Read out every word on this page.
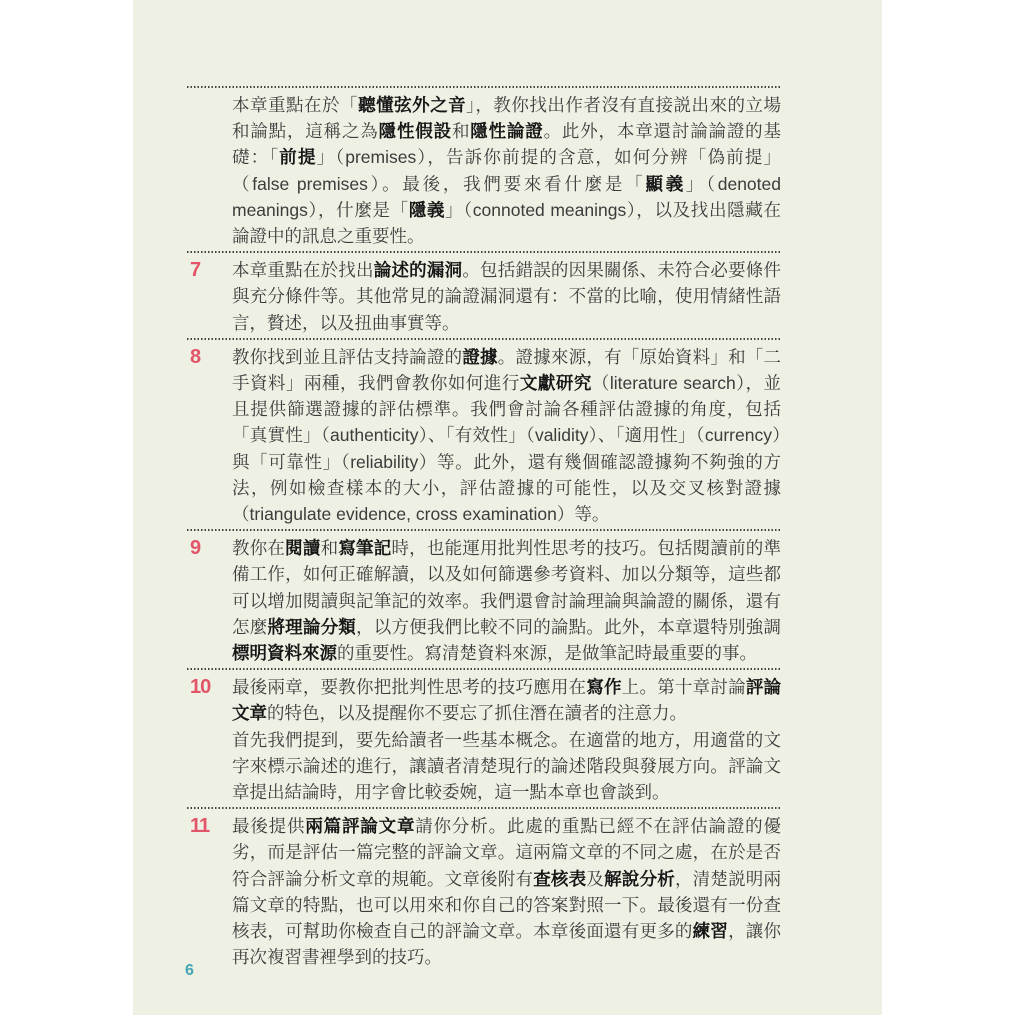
本章重點在於「聽懂弦外之音」，教你找出作者沒有直接説出來的立場和論點，這稱之為隱性假設和隱性論證。此外，本章還討論論證的基礎：「前提」（premises），告訴你前提的含意，如何分辨「偽前提」（false premises）。最後，我們要來看什麼是「顯義」（denoted meanings），什麼是「隱義」（connoted meanings），以及找出隱藏在論證中的訊息之重要性。

7	本章重點在於找出論述的漏洞。包括錯誤的因果關係、未符合必要條件與充分條件等。其他常見的論證漏洞還有：不當的比喻，使用情緒性語言，贅述，以及扭曲事實等。

8	教你找到並且評估支持論證的證據。證據來源，有「原始資料」和「二手資料」兩種，我們會教你如何進行文獻研究（literature search），並且提供篩選證據的評估標準。我們會討論各種評估證據的角度，包括「真實性」（authenticity）、「有效性」（validity）、「適用性」（currency）與「可靠性」（reliability）等。此外，還有幾個確認證據夠不夠強的方法，例如檢查樣本的大小，評估證據的可能性，以及交叉核對證據（triangulate evidence, cross examination）等。

9	教你在閱讀和寫筆記時，也能運用批判性思考的技巧。包括閱讀前的準備工作，如何正確解讀，以及如何篩選參考資料、加以分類等，這些都可以增加閱讀與記筆記的效率。我們還會討論理論與論證的關係，還有怎麼將理論分類，以方便我們比較不同的論點。此外，本章還特別強調標明資料來源的重要性。寫清楚資料來源，是做筆記時最重要的事。

10	最後兩章，要教你把批判性思考的技巧應用在寫作上。第十章討論評論文章的特色，以及提醒你不要忘了抓住潛在讀者的注意力。

首先我們提到，要先給讀者一些基本概念。在適當的地方，用適當的文字來標示論述的進行，讓讀者清楚現行的論述階段與發展方向。評論文章提出結論時，用字會比較委婉，這一點本章也會談到。

11	最後提供兩篇評論文章請你分析。此處的重點已經不在評估論證的優劣，而是評估一篇完整的評論文章。這兩篇文章的不同之處，在於是否符合評論分析文章的規範。文章後附有查核表及解說分析，清楚説明兩篇文章的特點，也可以用來和你自己的答案對照一下。最後還有一份查核表，可幫助你檢查自己的評論文章。本章後面還有更多的練習，讓你再次複習書裡學到的技巧。

6
